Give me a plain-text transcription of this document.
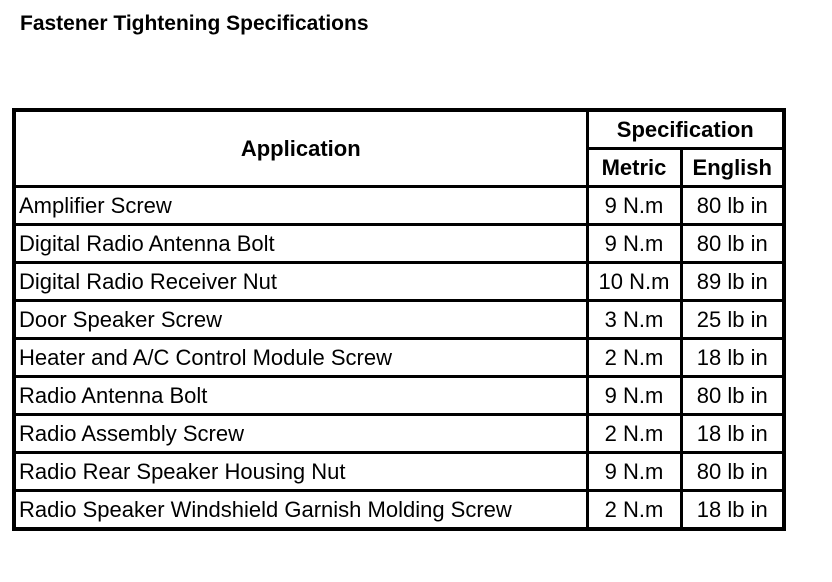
Fastener Tightening Specifications
Application	Specification	
	Metric	English
Amplifier Screw	9 N.m	80 lb in
Digital Radio Antenna Bolt	9 N.m	80 lb in
Digital Radio Receiver Nut	10 N.m	89 lb in
Door Speaker Screw	3 N.m	25 lb in
Heater and A/C Control Module Screw	2 N.m	18 lb in
Radio Antenna Bolt	9 N.m	80 lb in
Radio Assembly Screw	2 N.m	18 lb in
Radio Rear Speaker Housing Nut	9 N.m	80 lb in
Radio Speaker Windshield Garnish Molding Screw	2 N.m	18 lb in
